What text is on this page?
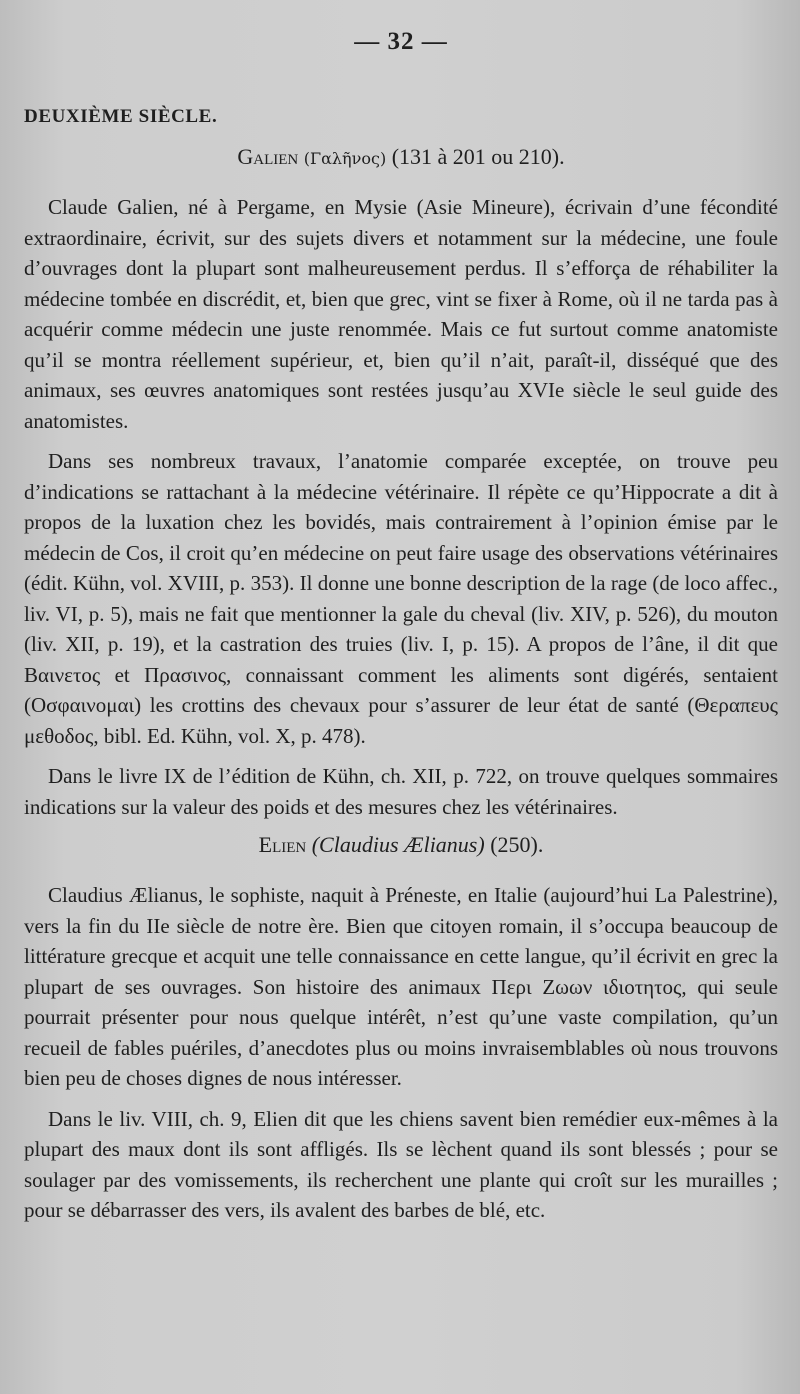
— 32 —
DEUXIÈME SIÈCLE.
Galien (Γαλῆνος) (131 à 201 ou 210).

Claude Galien, né à Pergame, en Mysie (Asie Mineure), écrivain d’une fécondité extraordinaire, écrivit, sur des sujets divers et notamment sur la médecine, une foule d’ouvrages dont la plupart sont malheureusement perdus. Il s’efforça de réhabiliter la médecine tombée en discrédit, et, bien que grec, vint se fixer à Rome, où il ne tarda pas à acquérir comme médecin une juste renommée. Mais ce fut surtout comme anatomiste qu’il se montra réellement supérieur, et, bien qu’il n’ait, paraît-il, disséqué que des animaux, ses œuvres anatomiques sont restées jusqu’au XVIe siècle le seul guide des anatomistes.

Dans ses nombreux travaux, l’anatomie comparée exceptée, on trouve peu d’indications se rattachant à la médecine vétérinaire. Il répète ce qu’Hippocrate a dit à propos de la luxation chez les bovidés, mais contrairement à l’opinion émise par le médecin de Cos, il croit qu’en médecine on peut faire usage des observations vétérinaires (édit. Kühn, vol. XVIII, p. 353). Il donne une bonne description de la rage (de loco affec., liv. VI, p. 5), mais ne fait que mentionner la gale du cheval (liv. XIV, p. 526), du mouton (liv. XII, p. 19), et la castration des truies (liv. I, p. 15). A propos de l’âne, il dit que Βαινετος et Πρασινος, connaissant comment les aliments sont digérés, sentaient (Οσφαινομαι) les crottins des chevaux pour s’assurer de leur état de santé (Θεραπευς μεθοδος, bibl. Ed. Kühn, vol. X, p. 478).

Dans le livre IX de l’édition de Kühn, ch. XII, p. 722, on trouve quelques sommaires indications sur la valeur des poids et des mesures chez les vétérinaires.

Elien (Claudius Ælianus) (250).

Claudius Ælianus, le sophiste, naquit à Préneste, en Italie (aujourd’hui La Palestrine), vers la fin du IIe siècle de notre ère. Bien que citoyen romain, il s’occupa beaucoup de littérature grecque et acquit une telle connaissance en cette langue, qu’il écrivit en grec la plupart de ses ouvrages. Son histoire des animaux Περι Ζωων ιδιοτητος, qui seule pourrait présenter pour nous quelque intérêt, n’est qu’une vaste compilation, qu’un recueil de fables puériles, d’anecdotes plus ou moins invraisemblables où nous trouvons bien peu de choses dignes de nous intéresser.

Dans le liv. VIII, ch. 9, Elien dit que les chiens savent bien remédier eux-mêmes à la plupart des maux dont ils sont affligés. Ils se lèchent quand ils sont blessés ; pour se soulager par des vomissements, ils recherchent une plante qui croît sur les murailles ; pour se débarrasser des vers, ils avalent des barbes de blé, etc.
